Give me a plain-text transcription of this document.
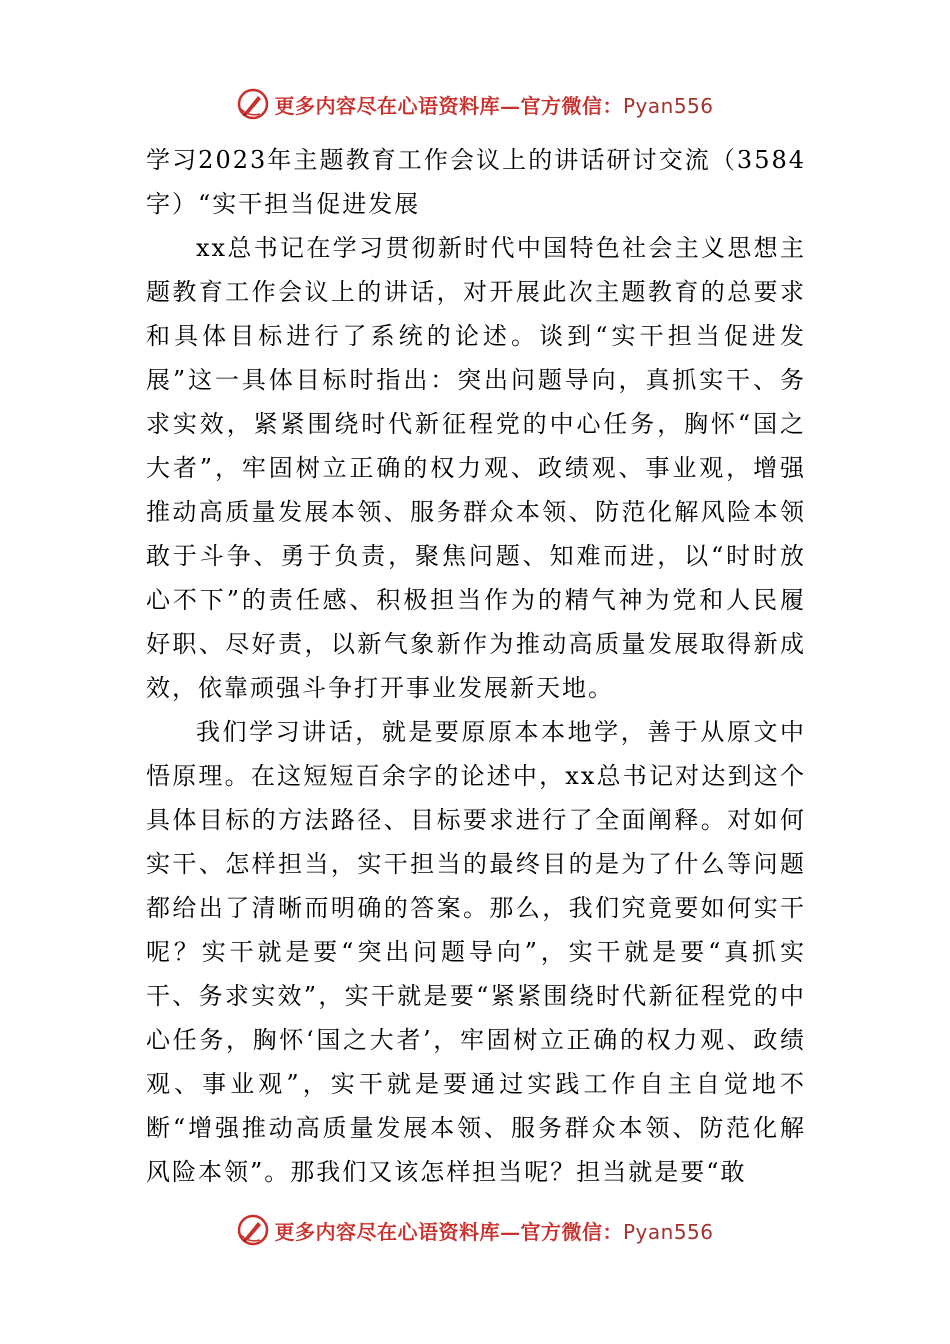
更多内容尽在心语资料库—官方微信：Pyan556
学习2023年主题教育工作会议上的讲话研讨交流（3584字）“实干担当促进发展

xx总书记在学习贯彻新时代中国特色社会主义思想主题教育工作会议上的讲话，对开展此次主题教育的总要求和具体目标进行了系统的论述。谈到“实干担当促进发展”这一具体目标时指出：突出问题导向，真抓实干、务求实效，紧紧围绕时代新征程党的中心任务，胸怀“国之大者”，牢固树立正确的权力观、政绩观、事业观，增强推动高质量发展本领、服务群众本领、防范化解风险本领敢于斗争、勇于负责，聚焦问题、知难而进，以“时时放心不下”的责任感、积极担当作为的精气神为党和人民履好职、尽好责，以新气象新作为推动高质量发展取得新成效，依靠顽强斗争打开事业发展新天地。

我们学习讲话，就是要原原本本地学，善于从原文中悟原理。在这短短百余字的论述中，xx总书记对达到这个具体目标的方法路径、目标要求进行了全面阐释。对如何实干、怎样担当，实干担当的最终目的是为了什么等问题都给出了清晰而明确的答案。那么，我们究竟要如何实干呢？实干就是要“突出问题导向”，实干就是要“真抓实干、务求实效”，实干就是要“紧紧围绕时代新征程党的中心任务，胸怀‘国之大者’，牢固树立正确的权力观、政绩观、事业观”，实干就是要通过实践工作自主自觉地不断“增强推动高质量发展本领、服务群众本领、防范化解风险本领”。那我们又该怎样担当呢？担当就是要“敢

更多内容尽在心语资料库—官方微信：Pyan556
